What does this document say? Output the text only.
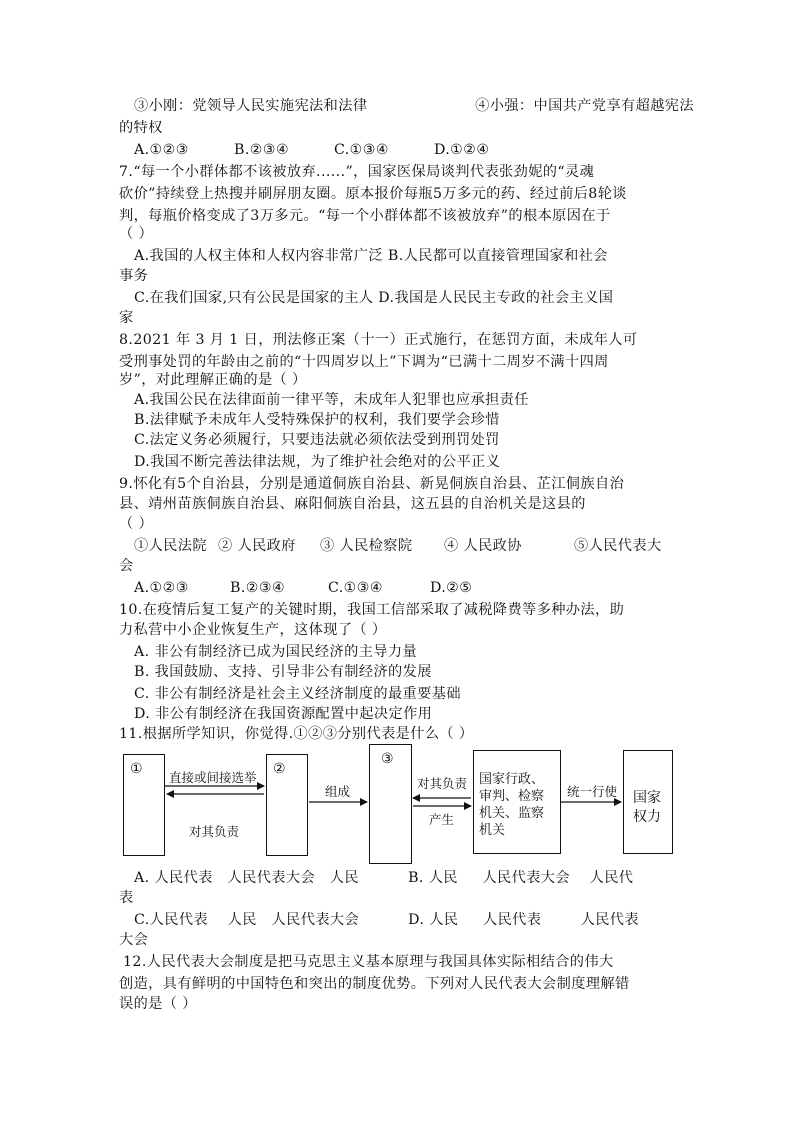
③小刚：党领导人民实施宪法和法律	④小强：中国共产党享有超越宪法
的特权
A.①②③	B.②③④	C.①③④	D.①②④
7.“每一个小群体都不该被放弃......”，国家医保局谈判代表张劲妮的“灵魂
砍价”持续登上热搜并刷屏朋友圈。原本报价每瓶5万多元的药、经过前后8轮谈
判，每瓶价格变成了3万多元。“每一个小群体都不该被放弃”的根本原因在于
（ ）
A.我国的人权主体和人权内容非常广泛 B.人民都可以直接管理国家和社会
事务
C.在我们国家,只有公民是国家的主人 D.我国是人民民主专政的社会主义国
家
8.2021 年 3 月 1 日，刑法修正案（十一）正式施行，在惩罚方面，未成年人可
受刑事处罚的年龄由之前的“十四周岁以上”下调为“已满十二周岁不满十四周
岁”，对此理解正确的是（ ）
A.我国公民在法律面前一律平等，未成年人犯罪也应承担责任
B.法律赋予未成年人受特殊保护的权利，我们要学会珍惜
C.法定义务必须履行，只要违法就必须依法受到刑罚处罚
D.我国不断完善法律法规，为了维护社会绝对的公平正义
9.怀化有5个自治县，分别是通道侗族自治县、新晃侗族自治县、芷江侗族自治
县、靖州苗族侗族自治县、麻阳侗族自治县，这五县的自治机关是这县的
（ ）
①人民法院 ② 人民政府 ③ 人民检察院 ④ 人民政协	⑤人民代表大
会
A.①②③	B.②③④	C.①③④	D.②⑤
10.在疫情后复工复产的关键时期，我国工信部采取了减税降费等多种办法，助
力私营中小企业恢复生产，这体现了（ ）
A. 非公有制经济已成为国民经济的主导力量
B. 我国鼓励、支持、引导非公有制经济的发展
C. 非公有制经济是社会主义经济制度的最重要基础
D. 非公有制经济在我国资源配置中起决定作用
11.根据所学知识，你觉得.①②③分别代表是什么（ ）
①	②
③
国家行政、
审判、检察
机关、监察
机关
国家
权力
直接或间接选举
对其负责
组成
对其负责
产生
统一行使
A. 人民代表   人民代表大会   人民          B. 人民     人民代表大会    人民代
表
C.人民代表    人民   人民代表大会          D. 人民     人民代表        人民代表
大会
12.人民代表大会制度是把马克思主义基本原理与我国具体实际相结合的伟大
创造，具有鲜明的中国特色和突出的制度优势。下列对人民代表大会制度理解错
误的是（ ）
